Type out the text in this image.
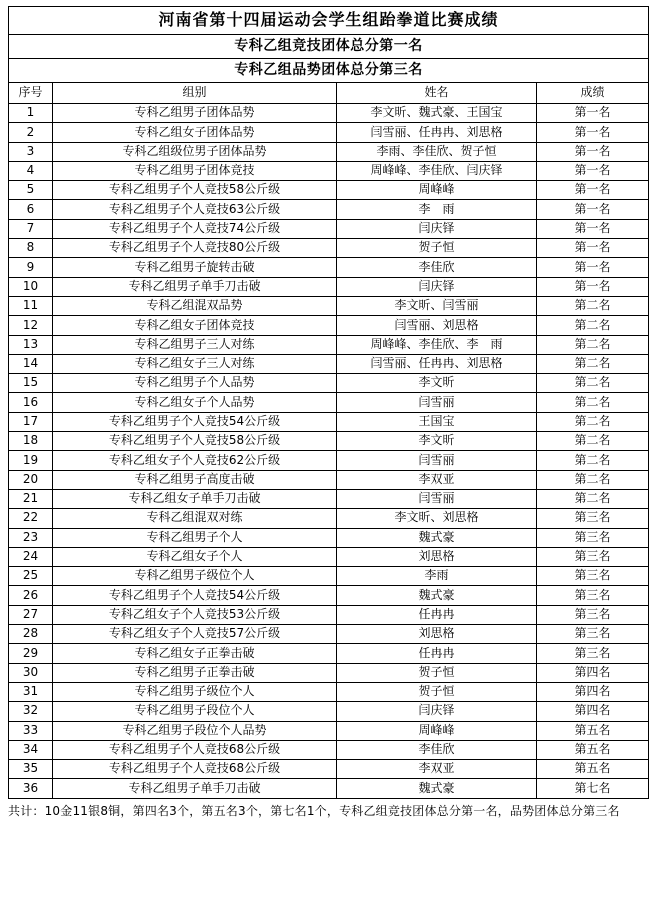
河南省第十四届运动会学生组跆拳道比赛成绩			
专科乙组竞技团体总分第一名			
专科乙组品势团体总分第三名			
序号	组别	姓名	成绩
1	专科乙组男子团体品势	李文昕、魏式豪、王国宝	第一名
2	专科乙组女子团体品势	闫雪丽、任冉冉、刘思格	第一名
3	专科乙组级位男子团体品势	李雨、李佳欣、贺子恒	第一名
4	专科乙组男子团体竞技	周峰峰、李佳欣、闫庆铎	第一名
5	专科乙组男子个人竞技58公斤级	周峰峰	第一名
6	专科乙组男子个人竞技63公斤级	李　雨	第一名
7	专科乙组男子个人竞技74公斤级	闫庆铎	第一名
8	专科乙组男子个人竞技80公斤级	贺子恒	第一名
9	专科乙组男子旋转击破	李佳欣	第一名
10	专科乙组男子单手刀击破	闫庆铎	第一名
11	专科乙组混双品势	李文昕、闫雪丽	第二名
12	专科乙组女子团体竞技	闫雪丽、刘思格	第二名
13	专科乙组男子三人对练	周峰峰、李佳欣、李　雨	第二名
14	专科乙组女子三人对练	闫雪丽、任冉冉、刘思格	第二名
15	专科乙组男子个人品势	李文昕	第二名
16	专科乙组女子个人品势	闫雪丽	第二名
17	专科乙组男子个人竞技54公斤级	王国宝	第二名
18	专科乙组男子个人竞技58公斤级	李文昕	第二名
19	专科乙组女子个人竞技62公斤级	闫雪丽	第二名
20	专科乙组男子高度击破	李双亚	第二名
21	专科乙组女子单手刀击破	闫雪丽	第二名
22	专科乙组混双对练	李文昕、刘思格	第三名
23	专科乙组男子个人	魏式豪	第三名
24	专科乙组女子个人	刘思格	第三名
25	专科乙组男子级位个人	李雨	第三名
26	专科乙组男子个人竞技54公斤级	魏式豪	第三名
27	专科乙组女子个人竞技53公斤级	任冉冉	第三名
28	专科乙组女子个人竞技57公斤级	刘思格	第三名
29	专科乙组女子正拳击破	任冉冉	第三名
30	专科乙组男子正拳击破	贺子恒	第四名
31	专科乙组男子级位个人	贺子恒	第四名
32	专科乙组男子段位个人	闫庆铎	第四名
33	专科乙组男子段位个人品势	周峰峰	第五名
34	专科乙组男子个人竞技68公斤级	李佳欣	第五名
35	专科乙组男子个人竞技68公斤级	李双亚	第五名
36	专科乙组男子单手刀击破	魏式豪	第七名
共计：10金11银8铜，第四名3个，第五名3个，第七名1个，专科乙组竞技团体总分第一名，品势团体总分第三名
